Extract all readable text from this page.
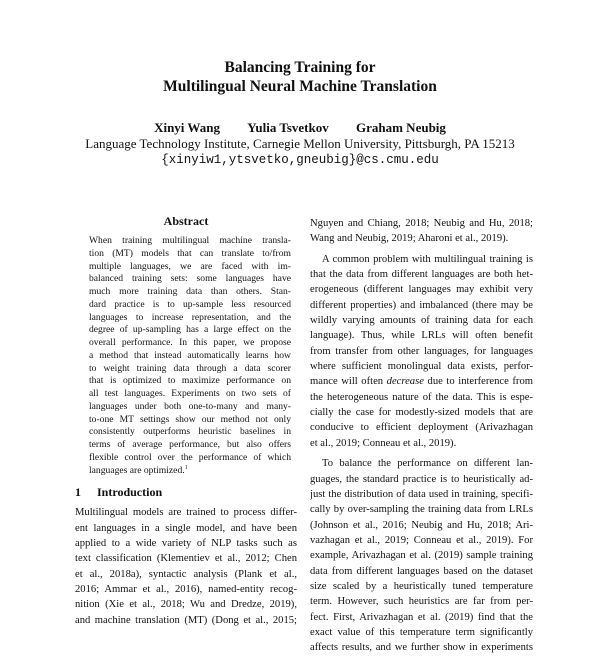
Balancing Training for
Multilingual Neural Machine Translation
Xinyi Wang Yulia Tsvetkov Graham Neubig
Language Technology Institute, Carnegie Mellon University, Pittsburgh, PA 15213
{xinyiw1,ytsvetko,gneubig}@cs.cmu.edu
Abstract
When training multilingual machine transla-
tion (MT) models that can translate to/from
multiple languages, we are faced with im-
balanced training sets: some languages have
much more training data than others. Stan-
dard practice is to up-sample less resourced
languages to increase representation, and the
degree of up-sampling has a large effect on the
overall performance. In this paper, we propose
a method that instead automatically learns how
to weight training data through a data scorer
that is optimized to maximize performance on
all test languages. Experiments on two sets of
languages under both one-to-many and many-
to-one MT settings show our method not only
consistently outperforms heuristic baselines in
terms of average performance, but also offers
flexible control over the performance of which
languages are optimized.$^1$
1 Introduction
Multilingual models are trained to process differ-
ent languages in a single model, and have been
applied to a wide variety of NLP tasks such as
text classification (Klementiev et al., 2012; Chen
et al., 2018a), syntactic analysis (Plank et al.,
2016; Ammar et al., 2016), named-entity recog-
nition (Xie et al., 2018; Wu and Dredze, 2019),
and machine translation (MT) (Dong et al., 2015;
Nguyen and Chiang, 2018; Neubig and Hu, 2018;
Wang and Neubig, 2019; Aharoni et al., 2019).
A common problem with multilingual training is
that the data from different languages are both het-
erogeneous (different languages may exhibit very
different properties) and imbalanced (there may be
wildly varying amounts of training data for each
language). Thus, while LRLs will often benefit
from transfer from other languages, for languages
where sufficient monolingual data exists, perfor-
mance will often decrease due to interference from
the heterogeneous nature of the data. This is espe-
cially the case for modestly-sized models that are
conducive to efficient deployment (Arivazhagan
et al., 2019; Conneau et al., 2019).
To balance the performance on different lan-
guages, the standard practice is to heuristically ad-
just the distribution of data used in training, specifi-
cally by over-sampling the training data from LRLs
(Johnson et al., 2016; Neubig and Hu, 2018; Ari-
vazhagan et al., 2019; Conneau et al., 2019). For
example, Arivazhagan et al. (2019) sample training
data from different languages based on the dataset
size scaled by a heuristically tuned temperature
term. However, such heuristics are far from per-
fect. First, Arivazhagan et al. (2019) find that the
exact value of this temperature term significantly
affects results, and we further show in experiments
